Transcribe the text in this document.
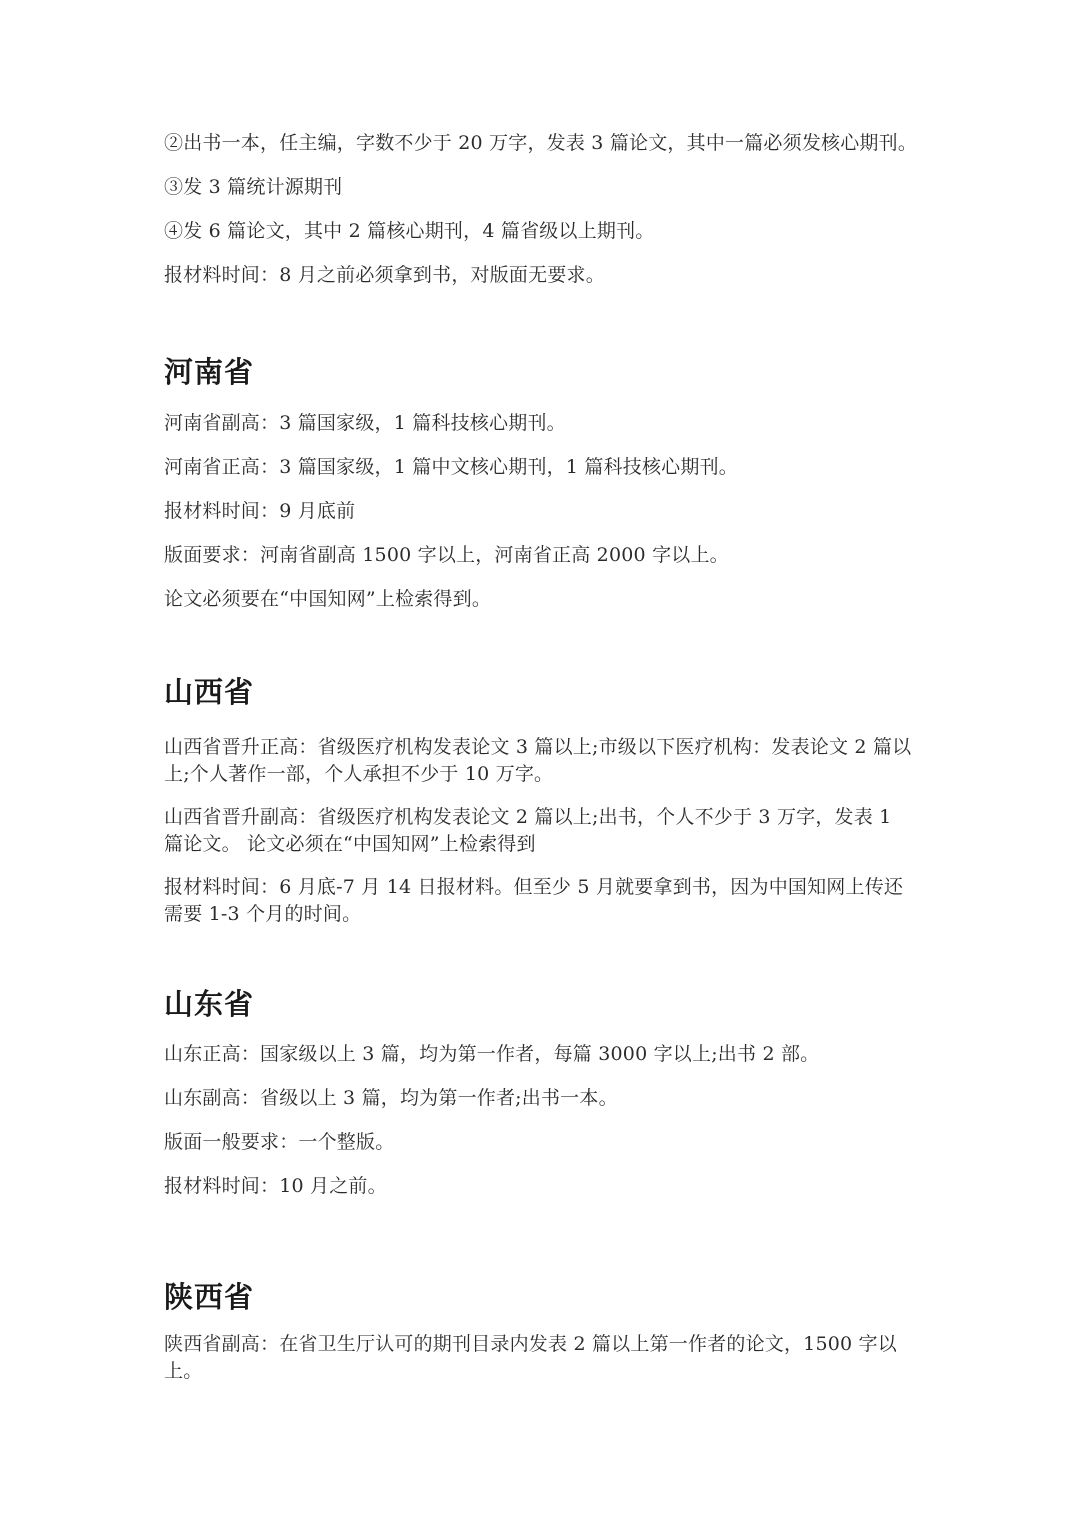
②出书一本，任主编，字数不少于 20 万字，发表 3 篇论文，其中一篇必须发核心期刊。

③发 3 篇统计源期刊

④发 6 篇论文，其中 2 篇核心期刊，4 篇省级以上期刊。

报材料时间：8 月之前必须拿到书，对版面无要求。

河南省

河南省副高：3 篇国家级，1 篇科技核心期刊。

河南省正高：3 篇国家级，1 篇中文核心期刊，1 篇科技核心期刊。

报材料时间：9 月底前

版面要求：河南省副高 1500 字以上，河南省正高 2000 字以上。

论文必须要在“中国知网”上检索得到。

山西省

山西省晋升正高：省级医疗机构发表论文 3 篇以上;市级以下医疗机构：发表论文 2 篇以上;个人著作一部，个人承担不少于 10 万字。

山西省晋升副高：省级医疗机构发表论文 2 篇以上;出书，个人不少于 3 万字，发表 1 篇论文。 论文必须在“中国知网”上检索得到

报材料时间：6 月底-7 月 14 日报材料。但至少 5 月就要拿到书，因为中国知网上传还需要 1-3 个月的时间。

山东省

山东正高：国家级以上 3 篇，均为第一作者，每篇 3000 字以上;出书 2 部。

山东副高：省级以上 3 篇，均为第一作者;出书一本。

版面一般要求：一个整版。

报材料时间：10 月之前。

陕西省

陕西省副高：在省卫生厅认可的期刊目录内发表 2 篇以上第一作者的论文，1500 字以上。
